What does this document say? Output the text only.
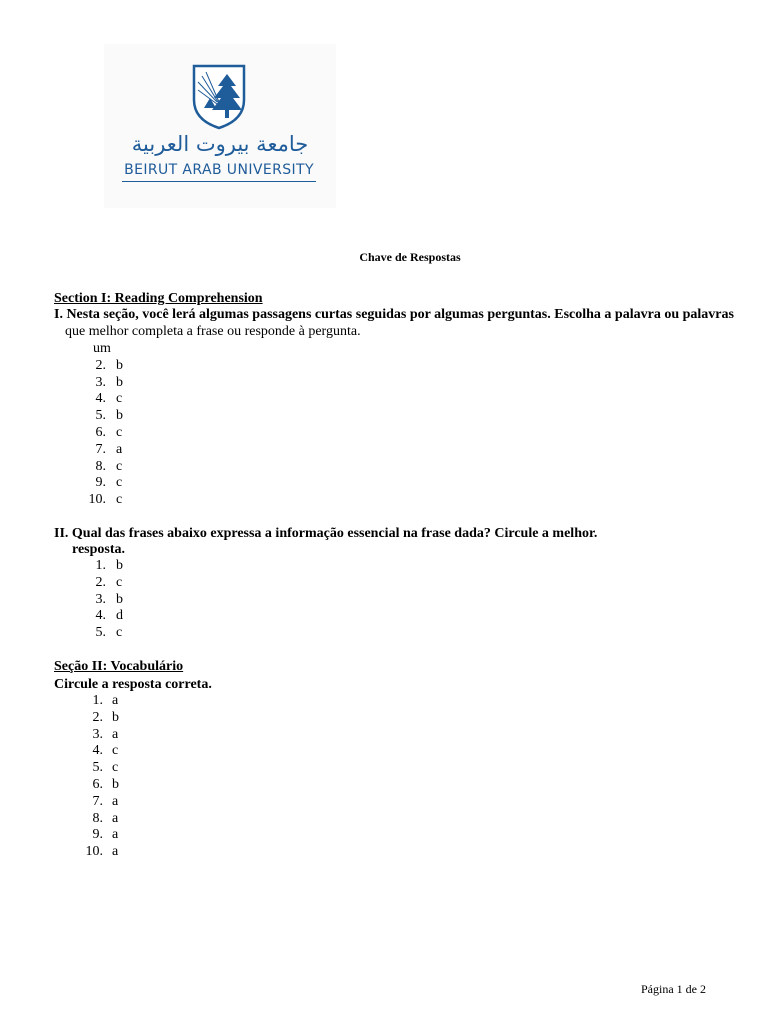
جامعة بيروت العربية
BEIRUT ARAB UNIVERSITY
Chave de Respostas
Section I: Reading Comprehension
I. Nesta seção, você lerá algumas passagens curtas seguidas por algumas perguntas. Escolha a palavra ou palavras
que melhor completa a frase ou responde à pergunta.
um
2. b
3. b
4. c
5. b
6. c
7. a
8. c
9. c
10. c
II. Qual das frases abaixo expressa a informação essencial na frase dada? Circule a melhor.
resposta.
1. b
2. c
3. b
4. d
5. c
Seção II: Vocabulário
Circule a resposta correta.
1. a
2. b
3. a
4. c
5. c
6. b
7. a
8. a
9. a
10. a
Página 1 de 2
